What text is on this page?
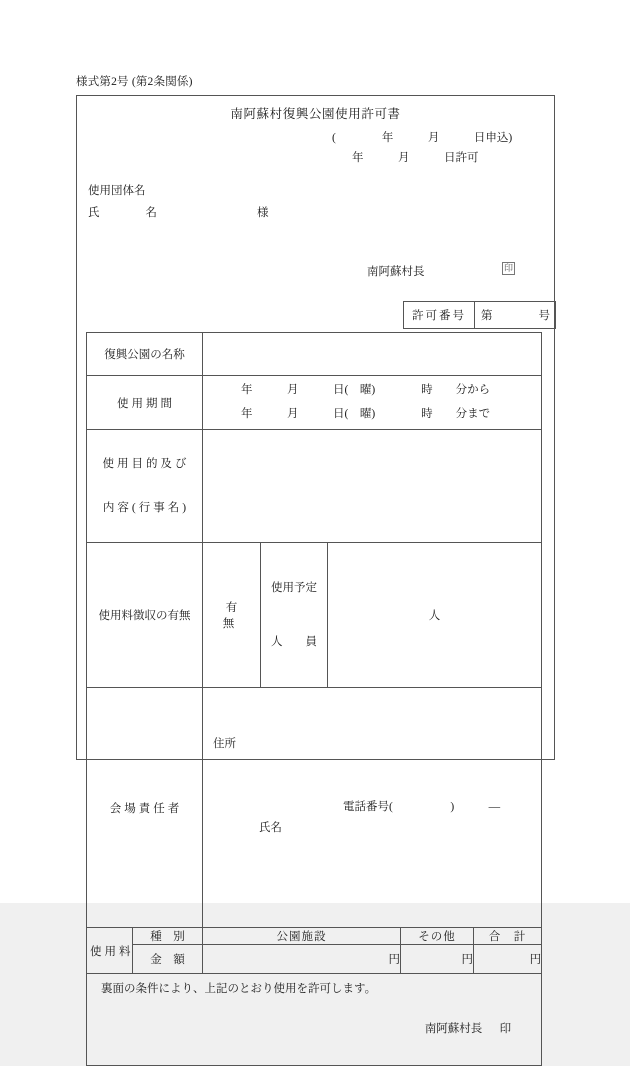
様式第2号 (第2条関係)
南阿蘇村復興公園使用許可書
(　　　　年　　　月　　　日申込)
年　　　月　　　日許可
使用団体名
氏　　　　名	様
南阿蘇村長	印
許可番号	第　　　　号
復興公園の名称						
使用期間		年　　　月　　　日(　曜)　　　　時　　分から
年　　　月　　　日(　曜)　　　　時　　分まで				

使用目的及び

内容(行事名)						

使用料徴収の有無		有　無	使用予定

人　　員	人		
会場責任者		住所

氏名

電話番号(　　　　　)　　　―				

使用料	種　別	公園施設			その他	合　計
	金　額	円			円	円

裏面の条件により、上記のとおり使用を許可します。

南阿蘇村長 印						
